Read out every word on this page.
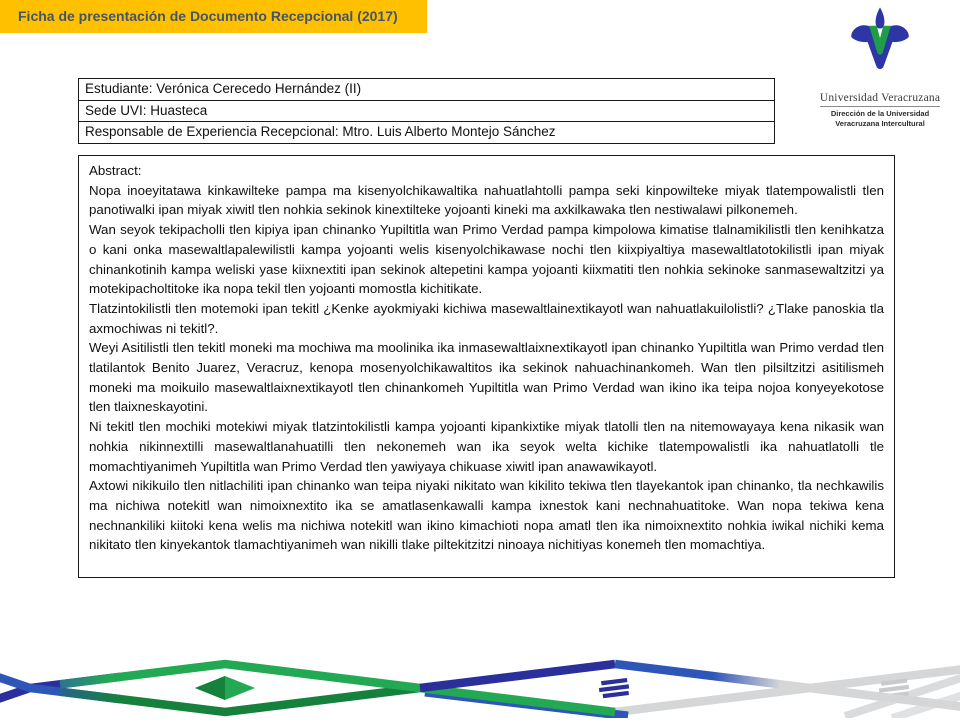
Ficha de presentación de Documento Recepcional (2017)
Universidad Veracruzana
Dirección de la Universidad
Veracruzana Intercultural
Estudiante: Verónica Cerecedo Hernández (II)
Sede UVI: Huasteca
Responsable de Experiencia Recepcional: Mtro. Luis Alberto Montejo Sánchez

Abstract:

Nopa inoeyitatawa kinkawilteke pampa ma kisenyolchikawaltika nahuatlahtolli pampa seki kinpowilteke miyak tlatempowalistli tlen panotiwalki ipan miyak xiwitl tlen nohkia sekinok kinextilteke yojoanti kineki ma axkilkawaka tlen nestiwalawi pilkonemeh.

Wan seyok tekipacholli tlen kipiya ipan chinanko Yupiltitla wan Primo Verdad pampa kimpolowa kimatise tlalnamikilistli tlen kenihkatza o kani onka masewaltlapalewilistli kampa yojoanti welis kisenyolchikawase nochi tlen kiixpiyaltiya masewaltlatotokilistli ipan miyak chinankotinih kampa weliski yase kiixnextiti ipan sekinok altepetini kampa yojoanti kiixmatiti tlen nohkia sekinoke sanmasewaltzitzi ya motekipacholtitoke ika nopa tekil tlen yojoanti momostla kichitikate.

Tlatzintokilistli tlen motemoki ipan tekitl ¿Kenke ayokmiyaki kichiwa masewaltlainextikayotl wan nahuatlakuilolistli? ¿Tlake panoskia tla axmochiwas ni tekitl?.

Weyi Asitilistli tlen tekitl moneki ma mochiwa ma moolinika ika inmasewaltlaixnextikayotl ipan chinanko Yupiltitla wan Primo verdad tlen tlatilantok Benito Juarez, Veracruz, kenopa mosenyolchikawaltitos ika sekinok nahuachinankomeh. Wan tlen pilsiltzitzi asitilismeh moneki ma moikuilo masewaltlaixnextikayotl tlen chinankomeh Yupiltitla wan Primo Verdad wan ikino ika teipa nojoa konyeyekotose tlen tlaixneskayotini.

Ni tekitl tlen mochiki motekiwi miyak tlatzintokilistli kampa yojoanti kipankixtike miyak tlatolli tlen na nitemowayaya kena nikasik wan nohkia nikinnextilli masewaltlanahuatilli tlen nekonemeh wan ika seyok welta kichike tlatempowalistli ika nahuatlatolli tle momachtiyanimeh Yupiltitla wan Primo Verdad tlen yawiyaya chikuase xiwitl ipan anawawikayotl.

Axtowi nikikuilo tlen nitlachiliti ipan chinanko wan teipa niyaki nikitato wan kikilito tekiwa tlen tlayekantok ipan chinanko, tla nechkawilis ma nichiwa notekitl wan nimoixnextito ika se amatlasenkawalli kampa ixnestok kani nechnahuatitoke. Wan nopa tekiwa kena nechnankiliki kiitoki kena welis ma nichiwa notekitl wan ikino kimachioti nopa amatl tlen ika nimoixnextito nohkia iwikal nichiki kema nikitato tlen kinyekantok tlamachtiyanimeh wan nikilli tlake piltekitzitzi ninoaya nichitiyas konemeh tlen momachtiya.
